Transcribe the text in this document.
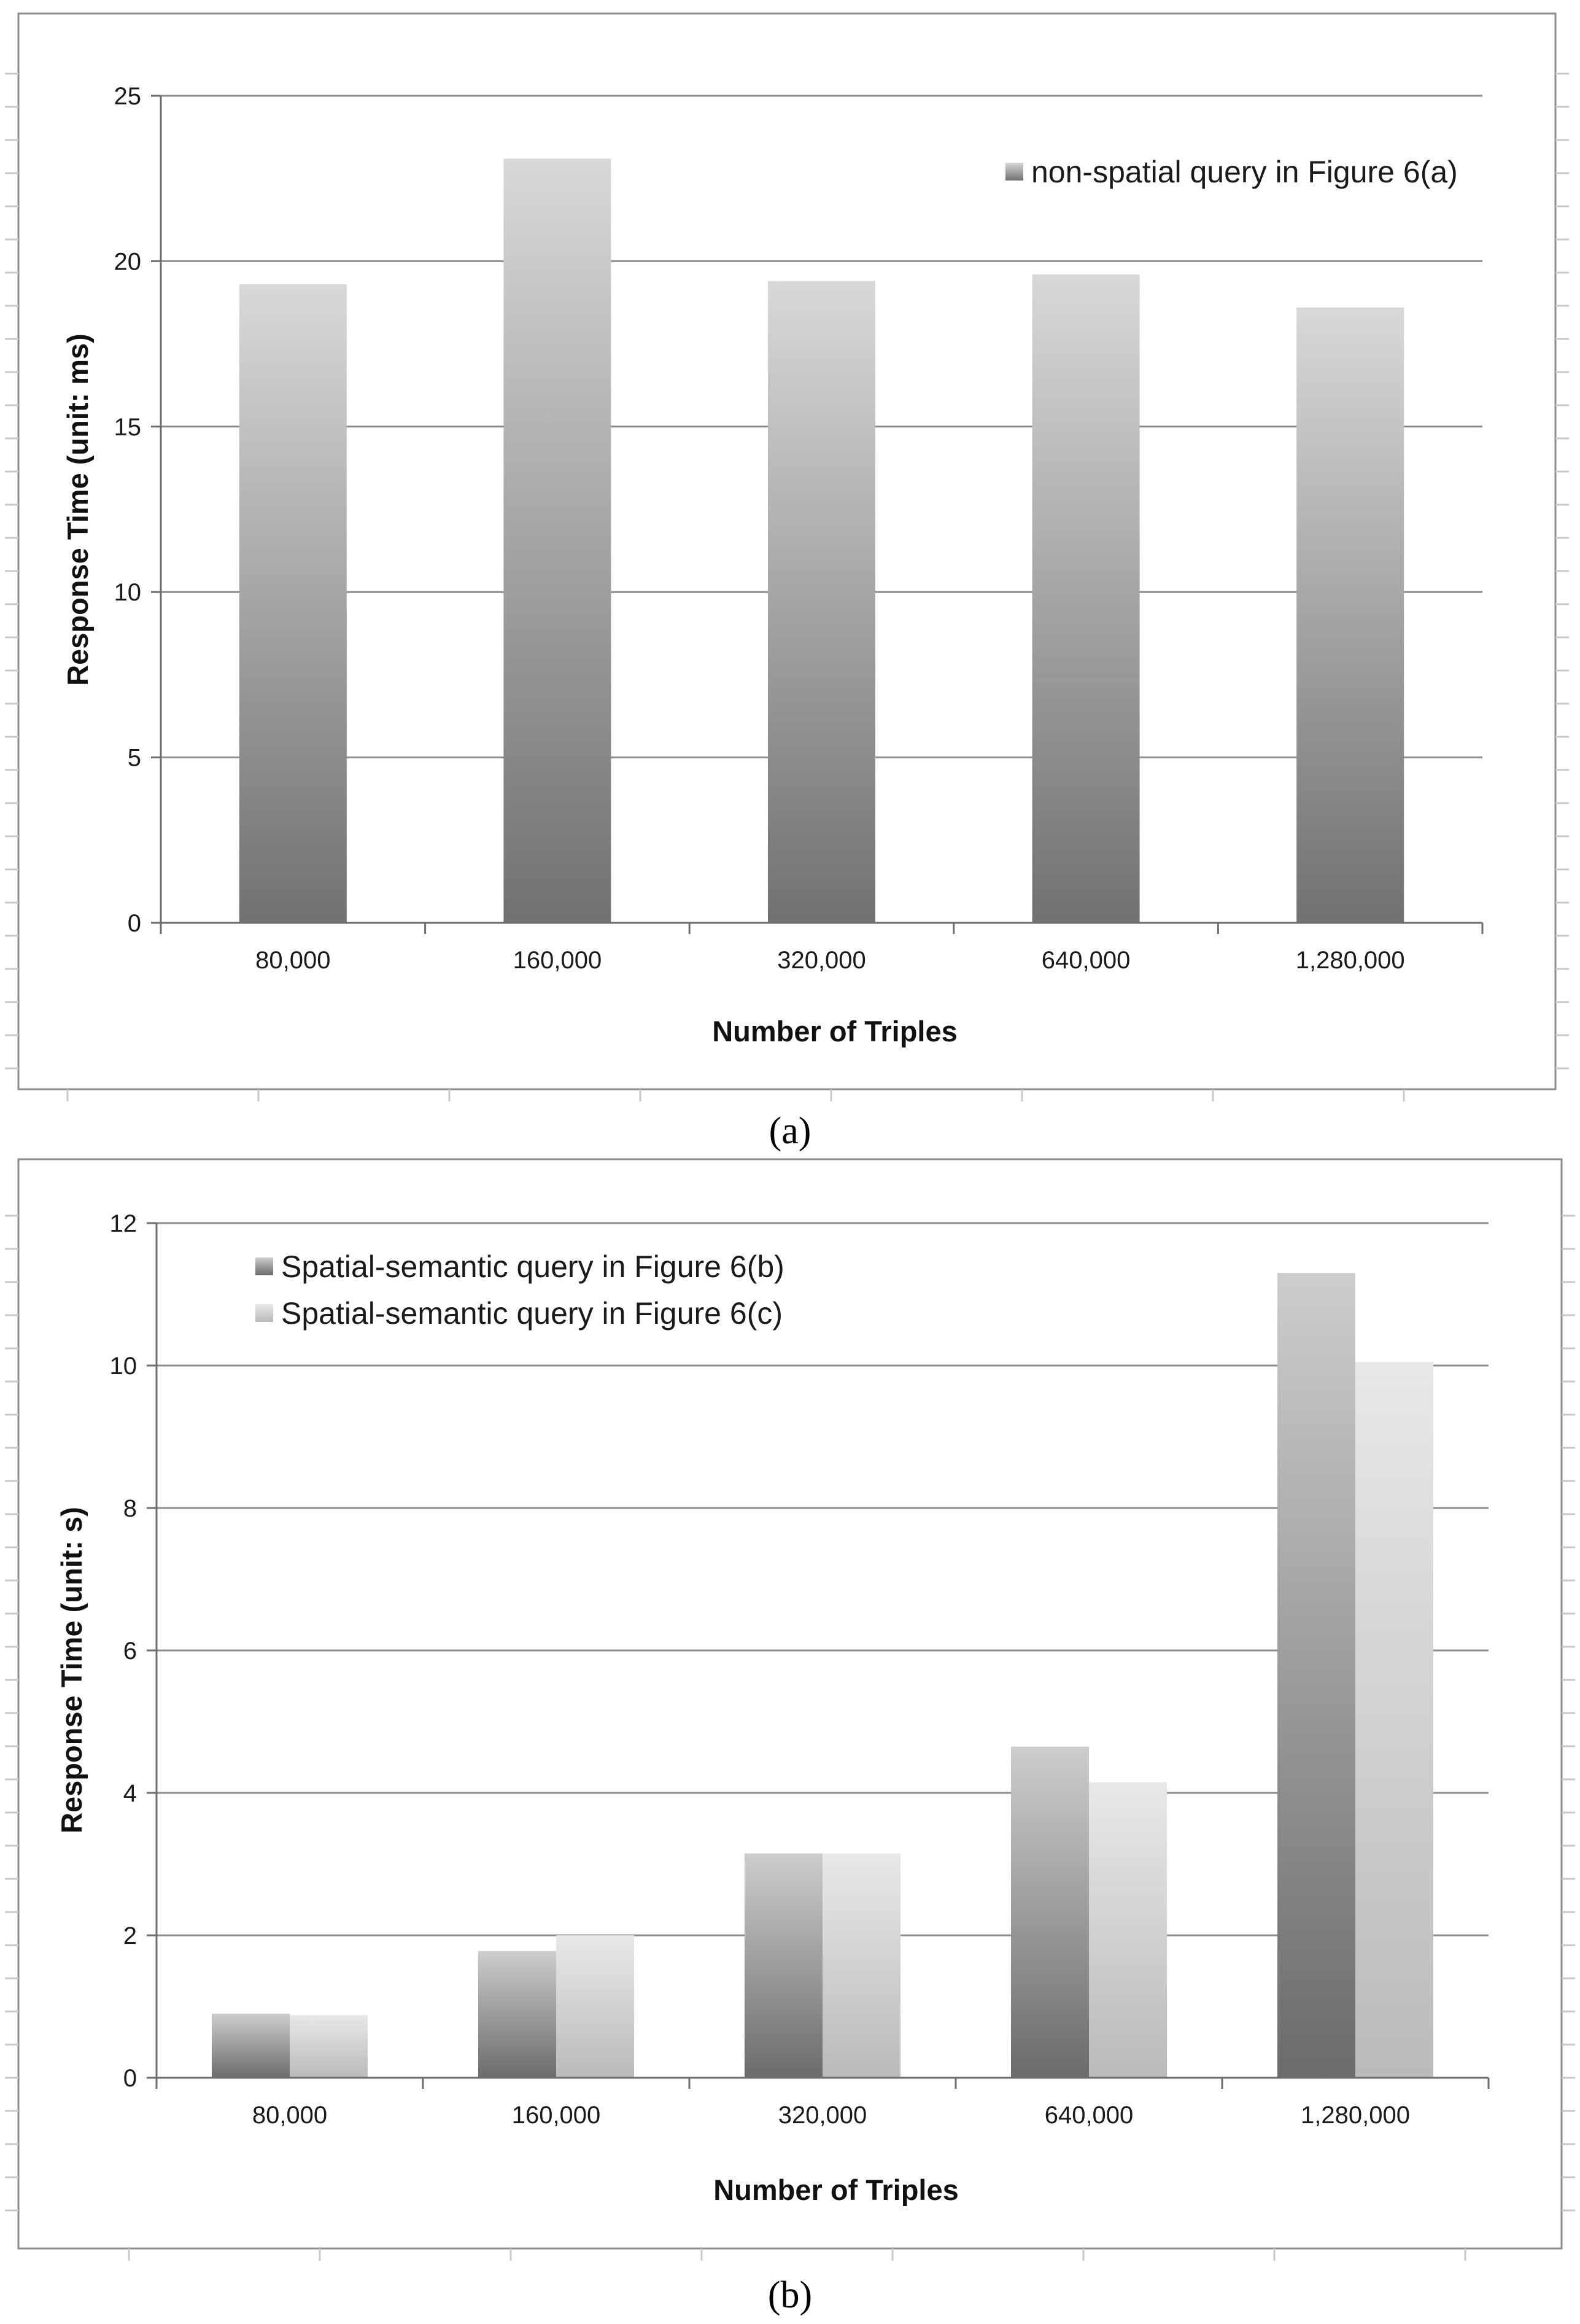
0
5
10
15
20
25
80,000	160,000	320,000	640,000	1,280,000
Number of Triples
Response Time (unit: ms)
non-spatial query in Figure 6(a)
(a)
0
2
4
6
8
10
12
80,000	160,000	320,000	640,000	1,280,000
Number of Triples
Response Time (unit: s)
Spatial-semantic query in Figure 6(b)
Spatial-semantic query in Figure 6(c)
(b)
